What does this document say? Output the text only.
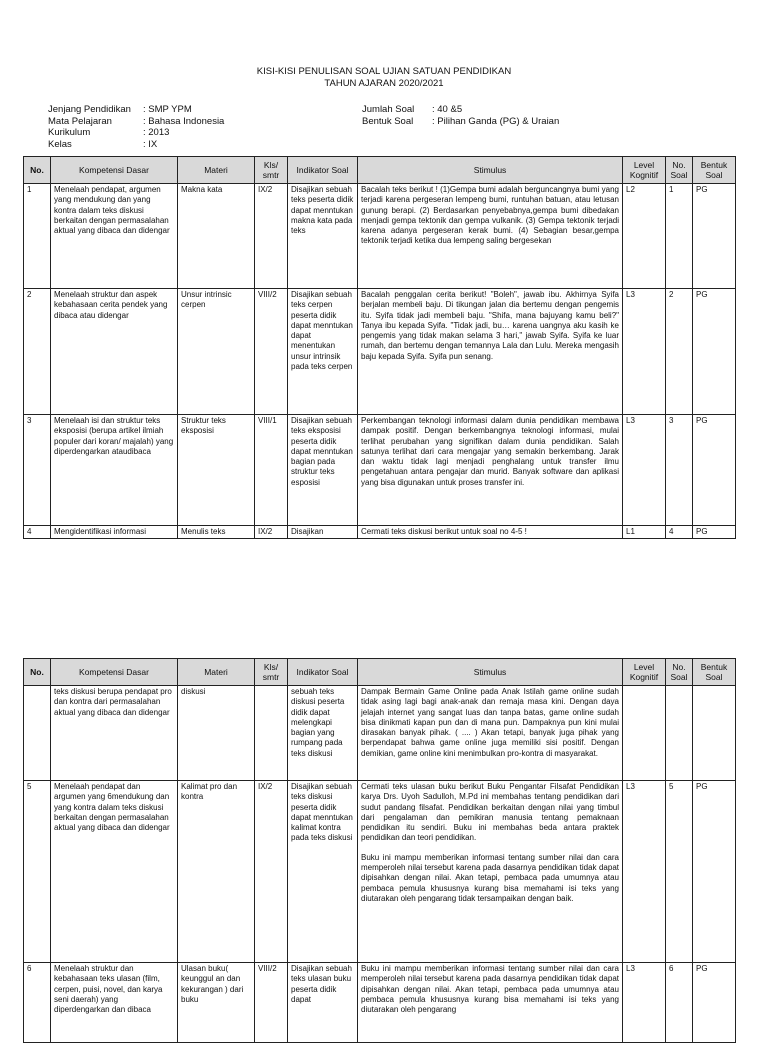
KISI-KISI PENULISAN SOAL UJIAN SATUAN PENDIDIKAN
TAHUN AJARAN 2020/2021
Jenjang Pendidikan	: SMP YPM
Mata Pelajaran	: Bahasa Indonesia
Kurikulum	: 2013
Kelas	: IX
Jumlah Soal	: 40 &5
Bentuk Soal	: Pilihan Ganda (PG) & Uraian
No.	Kompetensi Dasar	Materi	Kls/ smtr	Indikator Soal	Stimulus	Level Kognitif	No. Soal	Bentuk Soal
1	Menelaah pendapat, argumen yang mendukung dan yang kontra dalam teks diskusi berkaitan dengan permasalahan aktual yang dibaca dan didengar	Makna kata	IX/2	Disajikan sebuah teks peserta didik dapat menntukan makna kata pada teks	Bacalah teks berikut ! (1)Gempa bumi adalah berguncangnya bumi yang terjadi karena pergeseran lempeng bumi, runtuhan batuan, atau letusan gunung berapi. (2) Berdasarkan penyebabnya,gempa bumi dibedakan menjadi gempa tektonik dan gempa vulkanik. (3) Gempa tektonik terjadi karena adanya pergeseran kerak bumi. (4) Sebagian besar,gempa tektonik terjadi ketika dua lempeng saling bergesekan	L2	1	PG
2	Menelaah struktur dan aspek kebahasaan cerita pendek yang dibaca atau didengar	Unsur intrinsic cerpen	VIII/2	Disajikan sebuah teks cerpen peserta didik dapat menntukan dapat menentukan unsur intrinsik pada teks cerpen	Bacalah penggalan cerita berikut! "Boleh", jawab ibu. Akhirnya Syifa berjalan membeli baju. Di tikungan jalan dia bertemu dengan pengemis itu. Syifa tidak jadi membeli baju. "Shifa, mana bajuyang kamu beli?" Tanya ibu kepada Syifa. "Tidak jadi, bu… karena uangnya aku kasih ke pengemis yang tidak makan selama 3 hari," jawab Syifa. Syifa ke luar rumah, dan bertemu dengan temannya Lala dan Lulu. Mereka mengasih baju kepada Syifa. Syifa pun senang.	L3	2	PG
3	Menelaah isi dan struktur teks eksposisi (berupa artikel ilmiah populer dari koran/ majalah) yang diperdengarkan ataudibaca	Struktur teks eksposisi	VIII/1	Disajikan sebuah teks eksposisi peserta didik dapat menntukan bagian pada struktur teks esposisi	Perkembangan teknologi informasi dalam dunia pendidikan membawa dampak positif. Dengan berkembangnya teknologi informasi, mulai terlihat perubahan yang signifikan dalam dunia pendidikan. Salah satunya terlihat dari cara mengajar yang semakin berkembang. Jarak dan waktu tidak lagi menjadi penghalang untuk transfer ilmu pengetahuan antara pengajar dan murid. Banyak software dan aplikasi yang bisa digunakan untuk proses transfer ini.	L3	3	PG
4	Mengidentifikasi informasi	Menulis teks	IX/2	Disajikan	Cermati teks diskusi berikut untuk soal no 4-5 !	L1	4	PG
No.	Kompetensi Dasar	Materi	Kls/ smtr	Indikator Soal	Stimulus	Level Kognitif	No. Soal	Bentuk Soal
	teks diskusi berupa pendapat pro dan kontra dari permasalahan aktual yang dibaca dan didengar	diskusi		sebuah teks diskusi peserta didik dapat melengkapi bagian yang rumpang pada teks diskusi	Dampak Bermain Game Online pada Anak Istilah game online sudah tidak asing lagi bagi anak-anak dan remaja masa kini. Dengan daya jelajah internet yang sangat luas dan tanpa batas, game online sudah bisa dinikmati kapan pun dan di mana pun. Dampaknya pun kini mulai dirasakan banyak pihak. ( .... ) Akan tetapi, banyak juga pihak yang berpendapat bahwa game online juga memiliki sisi positif. Dengan demikian, game online kini menimbulkan pro-kontra di masyarakat.			

5	Menelaah pendapat dan argumen yang 6mendukung dan yang kontra dalam teks diskusi berkaitan dengan permasalahan aktual yang dibaca dan didengar	Kalimat pro dan kontra	IX/2	Disajikan sebuah teks diskusi peserta didik dapat menntukan kalimat kontra pada teks diskusi	Cermati teks ulasan buku berikut Buku Pengantar Filsafat Pendidikan karya Drs. Uyoh Sadulloh, M.Pd ini membahas tentang pendidikan dari sudut pandang filsafat. Pendidikan berkaitan dengan nilai yang timbul dari pengalaman dan pemikiran manusia tentang pemaknaan pendidikan itu sendiri. Buku ini membahas beda antara praktek pendidikan dan teori pendidikan.

Buku ini mampu memberikan informasi tentang sumber nilai dan cara memperoleh nilai tersebut karena pada dasarnya pendidikan tidak dapat dipisahkan dengan nilai. Akan tetapi, pembaca pada umumnya atau pembaca pemula khususnya kurang bisa memahami isi teks yang diutarakan oleh pengarang tidak tersampaikan dengan baik.	L3	5	PG
6	Menelaah struktur dan kebahasaan teks ulasan (film, cerpen, puisi, novel, dan karya seni daerah) yang diperdengarkan dan dibaca	Ulasan buku( keunggul an dan kekurangan ) dari buku	VIII/2	Disajikan sebuah teks ulasan buku peserta didik dapat	Buku ini mampu memberikan informasi tentang sumber nilai dan cara memperoleh nilai tersebut karena pada dasarnya pendidikan tidak dapat dipisahkan dengan nilai. Akan tetapi, pembaca pada umumnya atau pembaca pemula khususnya kurang bisa memahami isi teks yang diutarakan oleh pengarang	L3	6	PG
